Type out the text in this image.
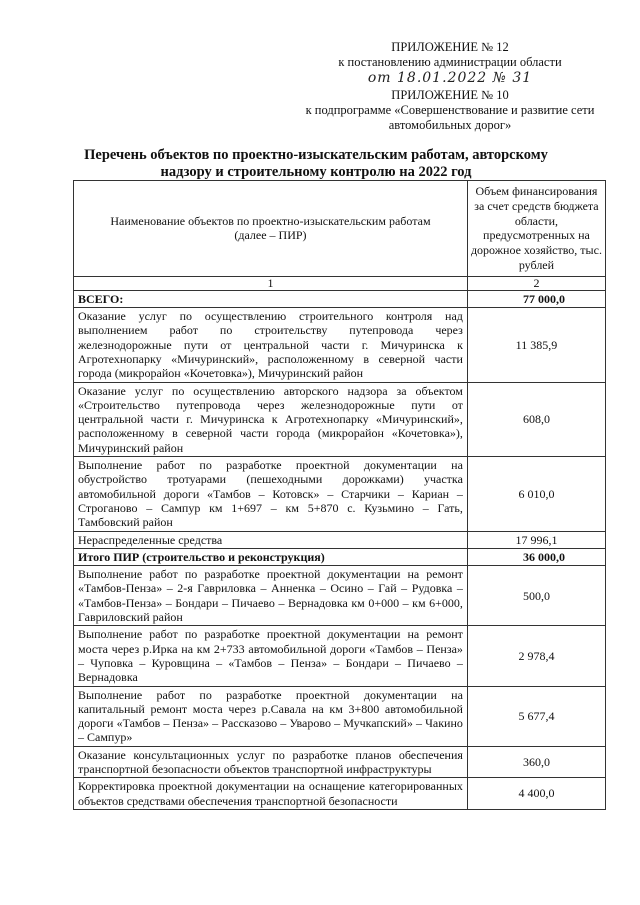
ПРИЛОЖЕНИЕ № 12
к постановлению администрации области
от 18.01.2022 № 31
ПРИЛОЖЕНИЕ № 10
к подпрограмме «Совершенствование и развитие сети автомобильных дорог»
Перечень объектов по проектно-изыскательским работам, авторскому надзору и строительному контролю на 2022 год
Наименование объектов по проектно-изыскательским работам (далее – ПИР)	Объем финансирования за счет средств бюджета области, предусмотренных на дорожное хозяйство, тыс. рублей
1	2
ВСЕГО:	77 000,0
Оказание услуг по осуществлению строительного контроля над выполнением работ по строительству путепровода через железнодорожные пути от центральной части г. Мичуринска к Агротехнопарку «Мичуринский», расположенному в северной части города (микрорайон «Кочетовка»), Мичуринский район	11 385,9
Оказание услуг по осуществлению авторского надзора за объектом «Строительство путепровода через железнодорожные пути от центральной части г. Мичуринска к Агротехнопарку «Мичуринский», расположенному в северной части города (микрорайон «Кочетовка»), Мичуринский район	608,0
Выполнение работ по разработке проектной документации на обустройство тротуарами (пешеходными дорожками) участка автомобильной дороги «Тамбов – Котовск» – Старчики – Кариан – Строганово – Сампур км 1+697 – км 5+870 с. Кузьмино – Гать, Тамбовский район	6 010,0
Нераспределенные средства	17 996,1
Итого ПИР (строительство и реконструкция)	36 000,0
Выполнение работ по разработке проектной документации на ремонт «Тамбов-Пенза» – 2-я Гавриловка – Анненка – Осино – Гай – Рудовка – «Тамбов-Пенза» – Бондари – Пичаево – Вернадовка км 0+000 – км 6+000, Гавриловский район	500,0
Выполнение работ по разработке проектной документации на ремонт моста через р.Ирка на км 2+733 автомобильной дороги «Тамбов – Пенза» – Чуповка – Куровщина – «Тамбов – Пенза» – Бондари – Пичаево – Вернадовка	2 978,4
Выполнение работ по разработке проектной документации на капитальный ремонт моста через р.Савала на км 3+800 автомобильной дороги «Тамбов – Пенза» – Рассказово – Уварово – Мучкапский» – Чакино – Сампур»	5 677,4
Оказание консультационных услуг по разработке планов обеспечения транспортной безопасности объектов транспортной инфраструктуры	360,0
Корректировка проектной документации на оснащение категорированных объектов средствами обеспечения транспортной безопасности	4 400,0
